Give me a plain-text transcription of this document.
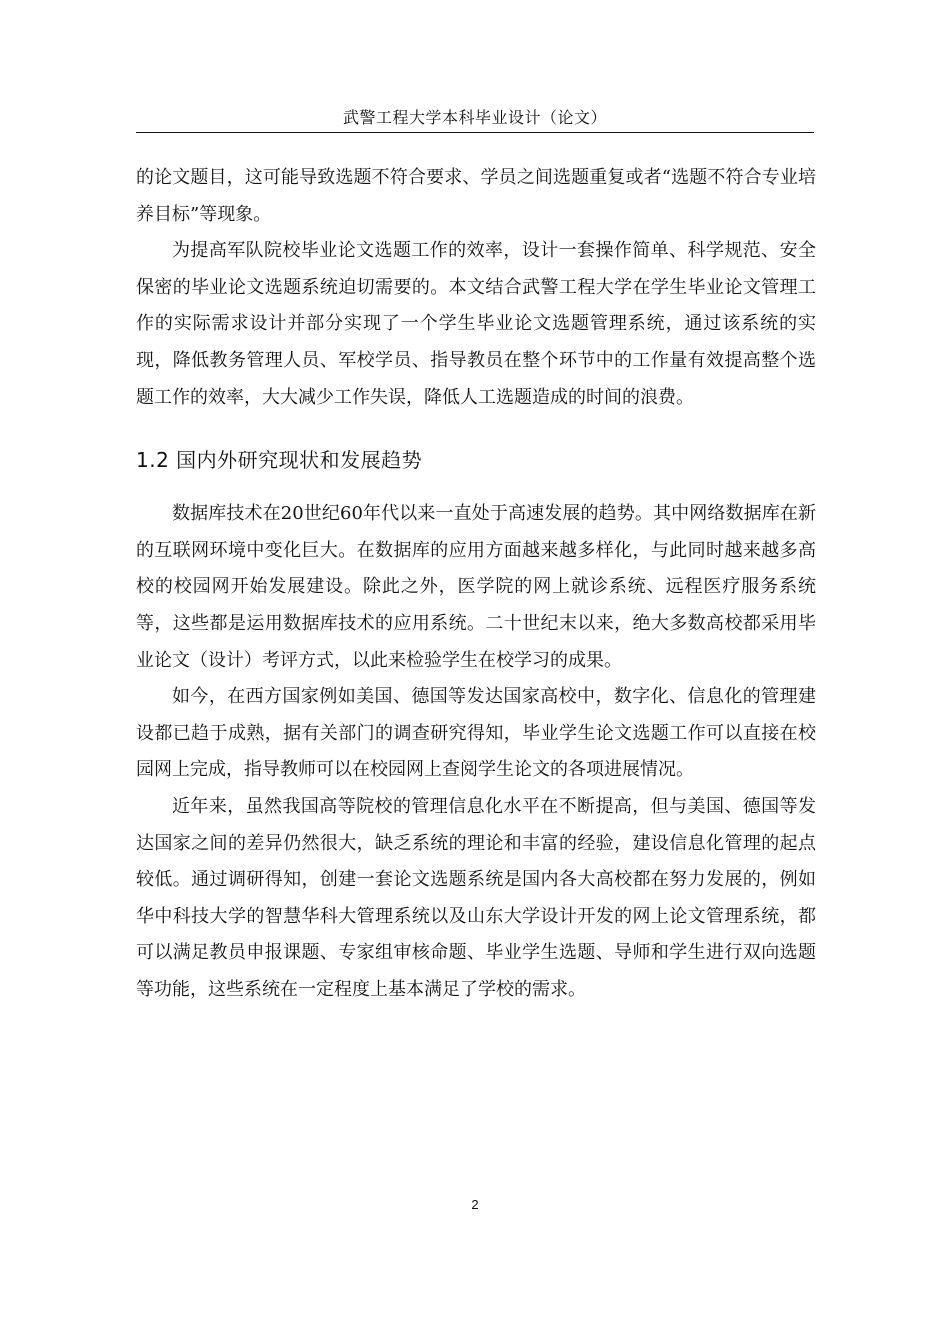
武警工程大学本科毕业设计（论文）

的论文题目，这可能导致选题不符合要求、学员之间选题重复或者“选题不符合专业培养目标”等现象。

为提高军队院校毕业论文选题工作的效率，设计一套操作简单、科学规范、安全保密的毕业论文选题系统迫切需要的。本文结合武警工程大学在学生毕业论文管理工作的实际需求设计并部分实现了一个学生毕业论文选题管理系统，通过该系统的实现，降低教务管理人员、军校学员、指导教员在整个环节中的工作量有效提高整个选题工作的效率，大大减少工作失误，降低人工选题造成的时间的浪费。

1.2 国内外研究现状和发展趋势

数据库技术在20世纪60年代以来一直处于高速发展的趋势。其中网络数据库在新的互联网环境中变化巨大。在数据库的应用方面越来越多样化，与此同时越来越多高校的校园网开始发展建设。除此之外，医学院的网上就诊系统、远程医疗服务系统等，这些都是运用数据库技术的应用系统。二十世纪末以来，绝大多数高校都采用毕业论文（设计）考评方式，以此来检验学生在校学习的成果。

如今，在西方国家例如美国、德国等发达国家高校中，数字化、信息化的管理建设都已趋于成熟，据有关部门的调查研究得知，毕业学生论文选题工作可以直接在校园网上完成，指导教师可以在校园网上查阅学生论文的各项进展情况。

近年来，虽然我国高等院校的管理信息化水平在不断提高，但与美国、德国等发达国家之间的差异仍然很大，缺乏系统的理论和丰富的经验，建设信息化管理的起点较低。通过调研得知，创建一套论文选题系统是国内各大高校都在努力发展的，例如华中科技大学的智慧华科大管理系统以及山东大学设计开发的网上论文管理系统，都可以满足教员申报课题、专家组审核命题、毕业学生选题、导师和学生进行双向选题等功能，这些系统在一定程度上基本满足了学校的需求。

2
